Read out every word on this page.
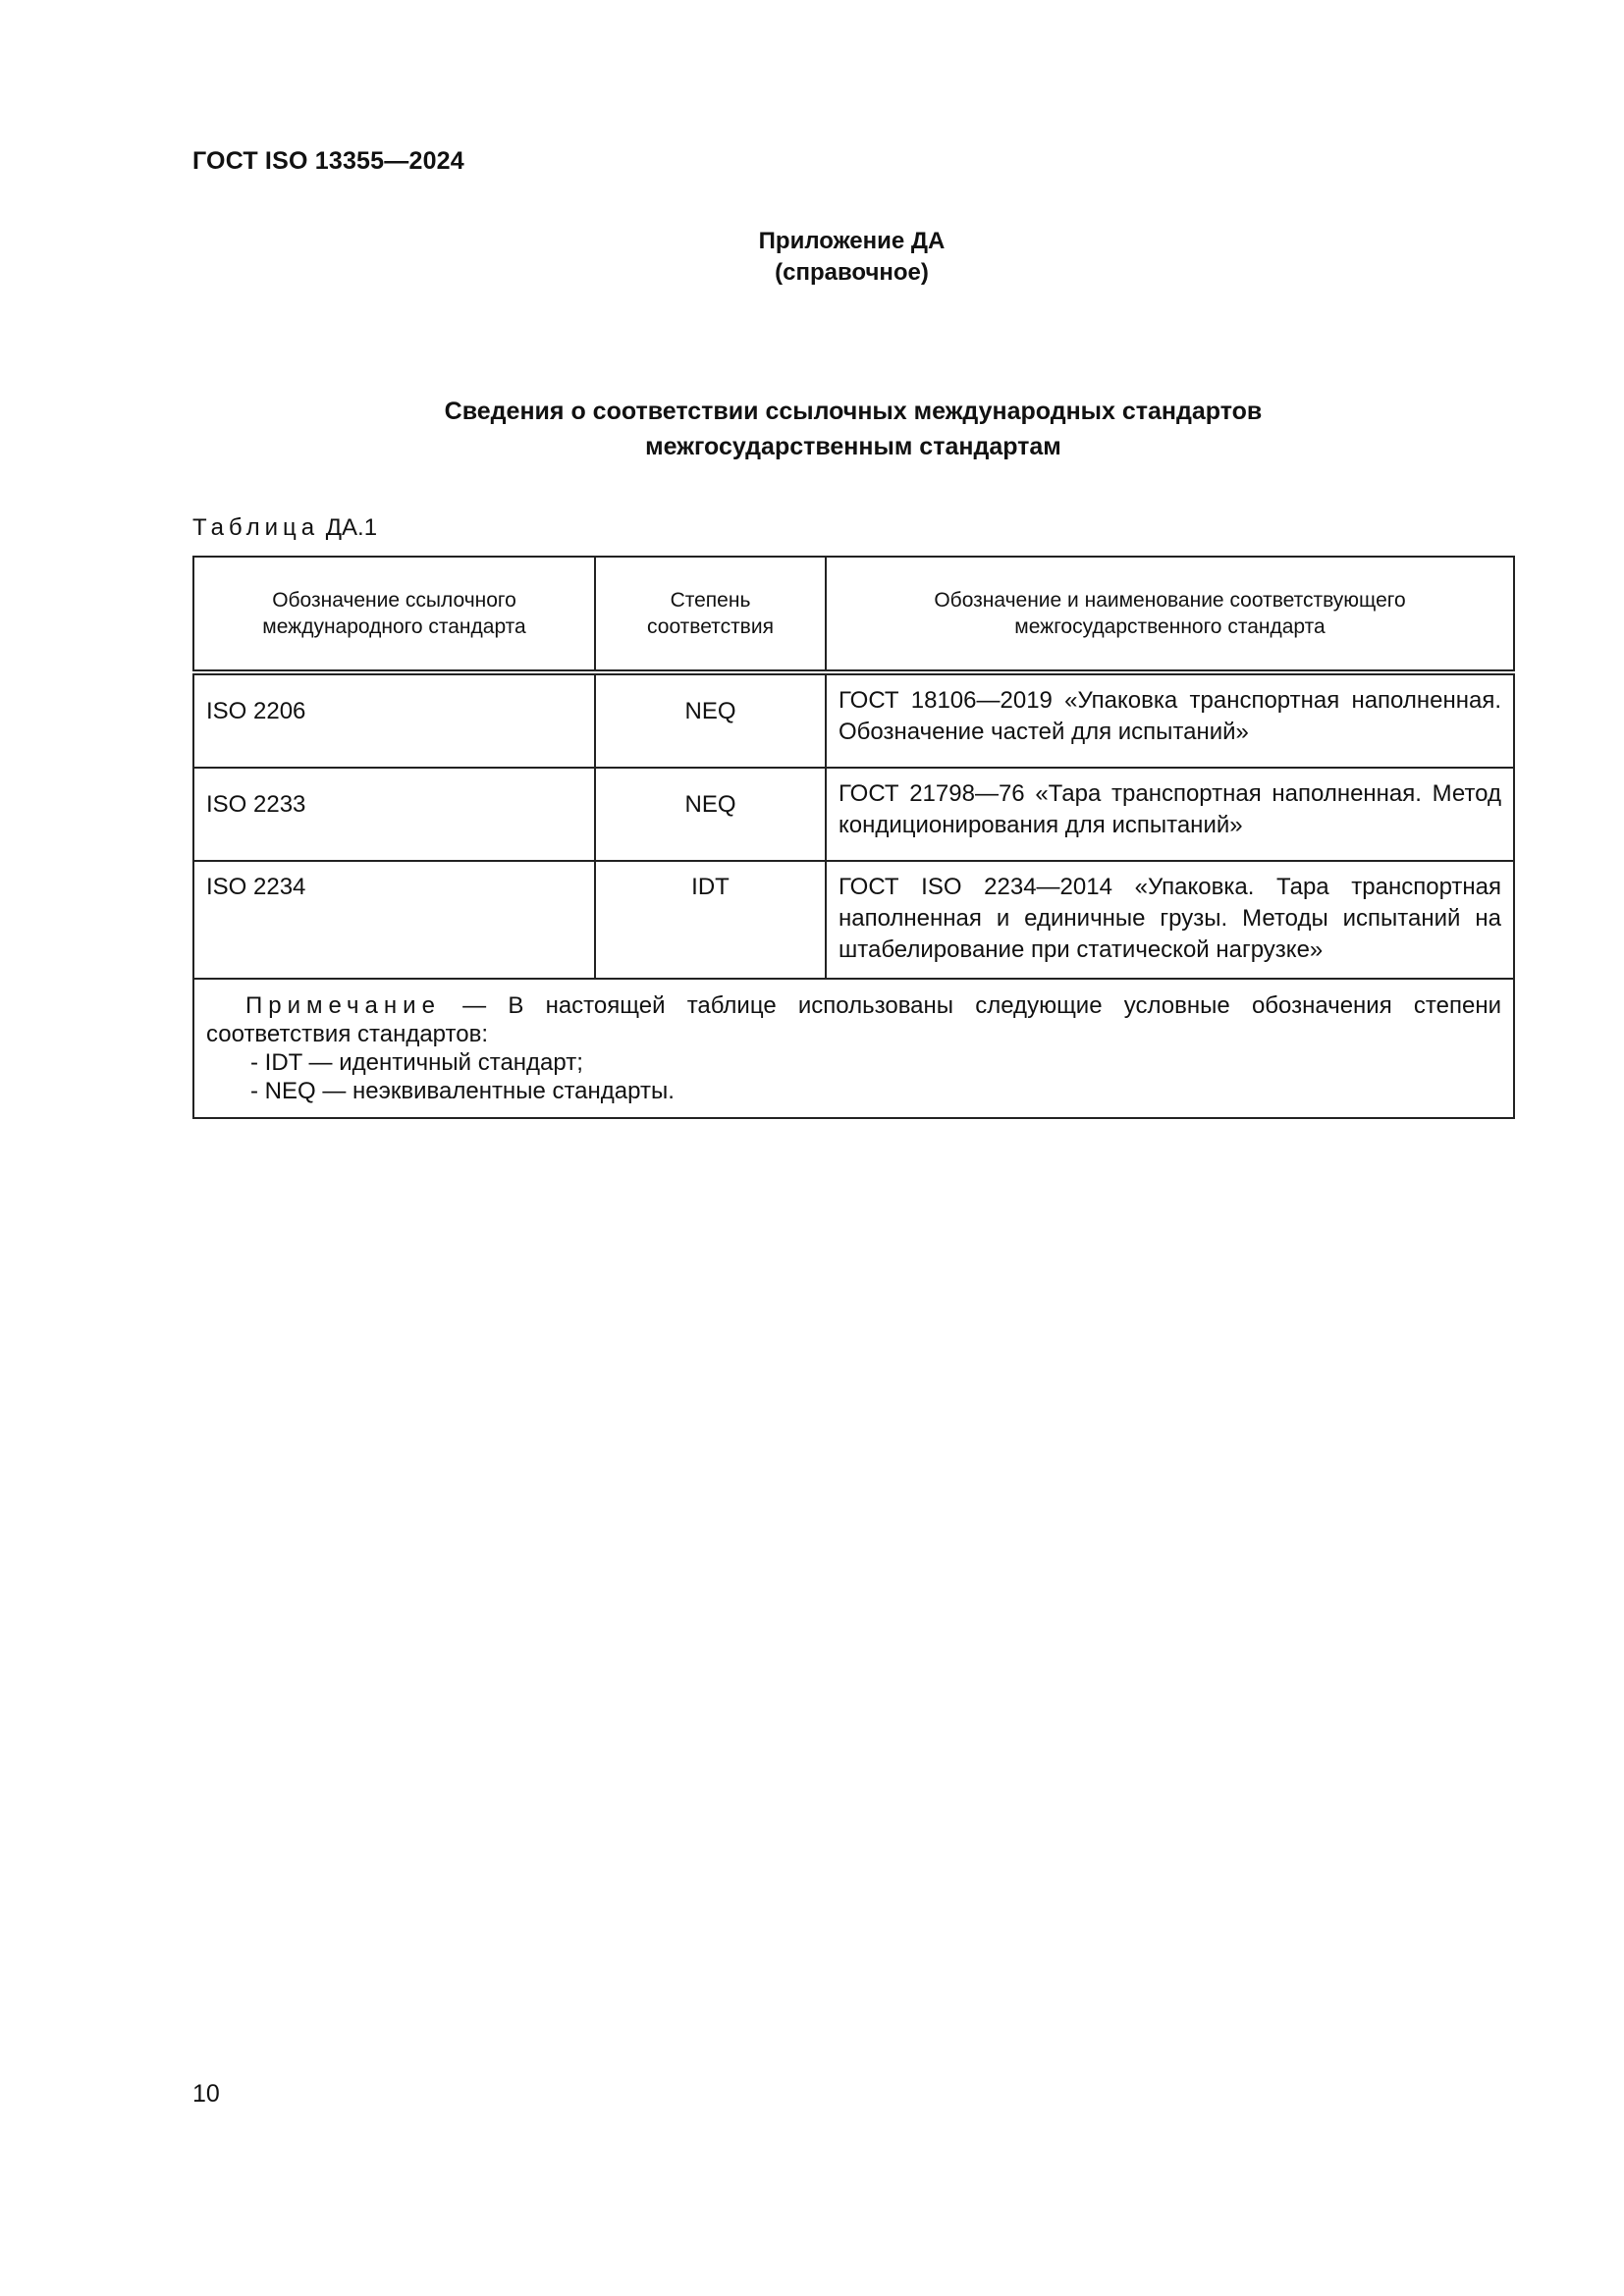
ГОСТ ISO 13355—2024
Приложение ДА
(справочное)
Сведения о соответствии ссылочных международных стандартов
межгосударственным стандартам
Таблица ДА.1
Обозначение ссылочного международного стандарта	Степень соответствия	Обозначение и наименование соответствующего межгосударственного стандарта
ISO 2206	NEQ	ГОСТ 18106—2019 «Упаковка транспортная наполненная. Обозначение частей для испытаний»
ISO 2233	NEQ	ГОСТ 21798—76 «Тара транспортная наполненная. Метод кондиционирования для испытаний»
ISO 2234	IDT	ГОСТ ISO 2234—2014 «Упаковка. Тара транспортная наполненная и единичные грузы. Методы испытаний на штабелирование при статической нагрузке»
Примечание — В настоящей таблице использованы следующие условные обозначения степени соответствия стандартов:
- IDT — идентичный стандарт;
- NEQ — неэквивалентные стандарты.		
10
